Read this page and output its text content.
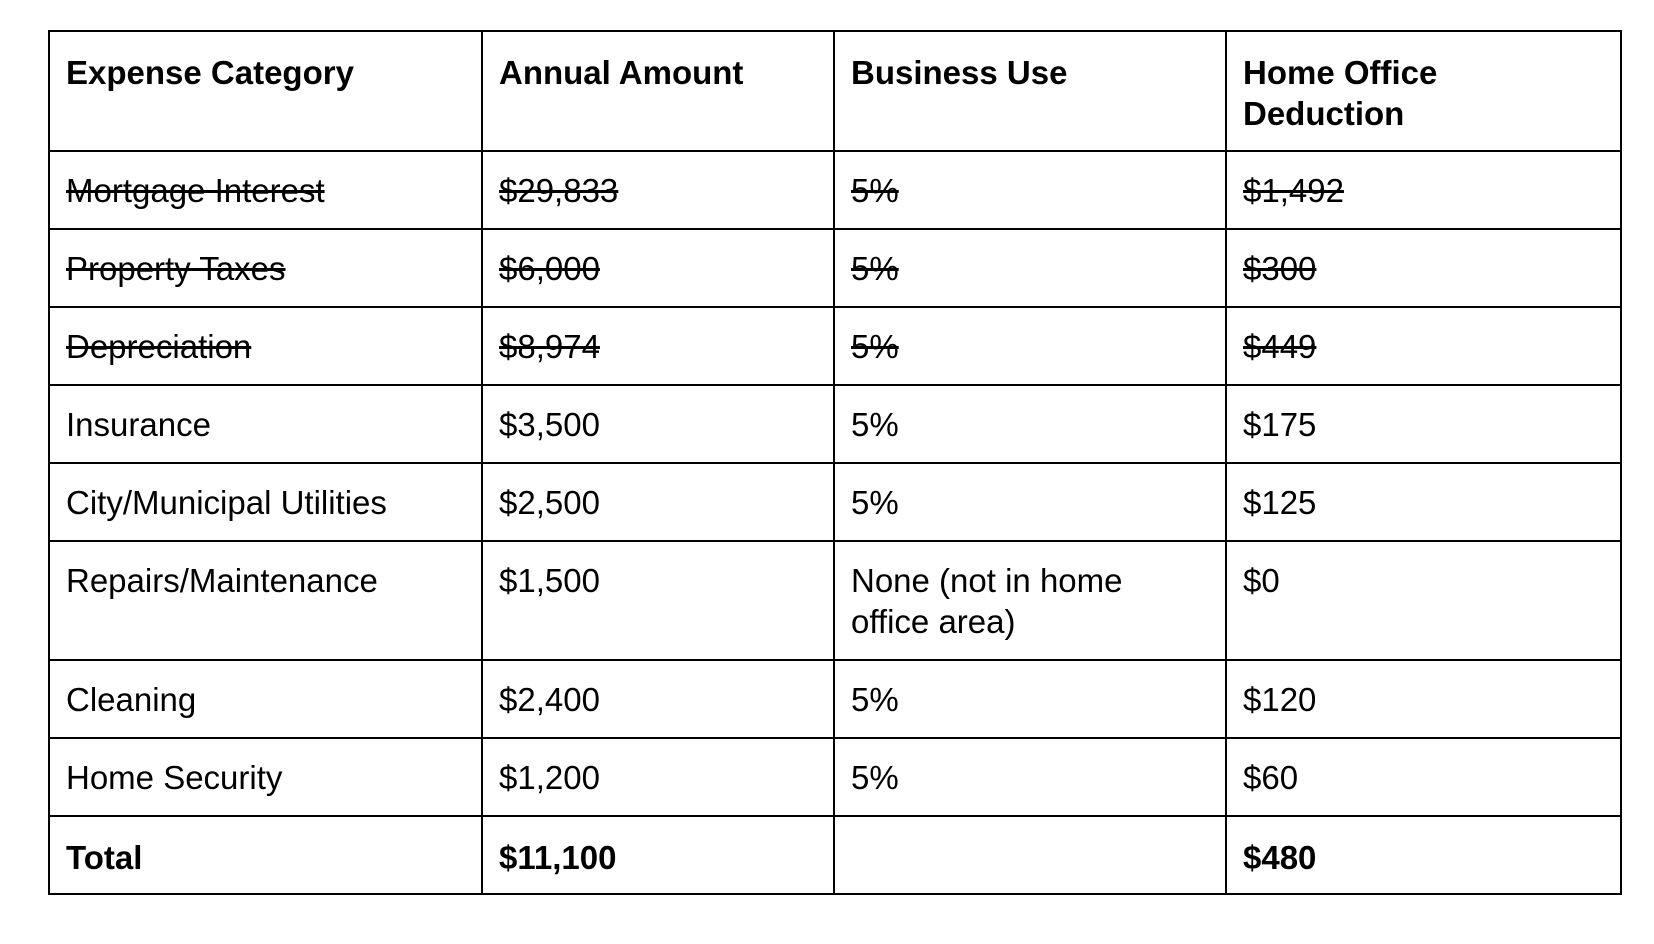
Expense Category	Annual Amount	Business Use	Home Office Deduction
Mortgage Interest	$29,833	5%	$1,492
Property Taxes	$6,000	5%	$300
Depreciation	$8,974	5%	$449
Insurance	$3,500	5%	$175
City/Municipal Utilities	$2,500	5%	$125
Repairs/Maintenance	$1,500	None (not in home office area)	$0
Cleaning	$2,400	5%	$120
Home Security	$1,200	5%	$60
Total	$11,100		$480
